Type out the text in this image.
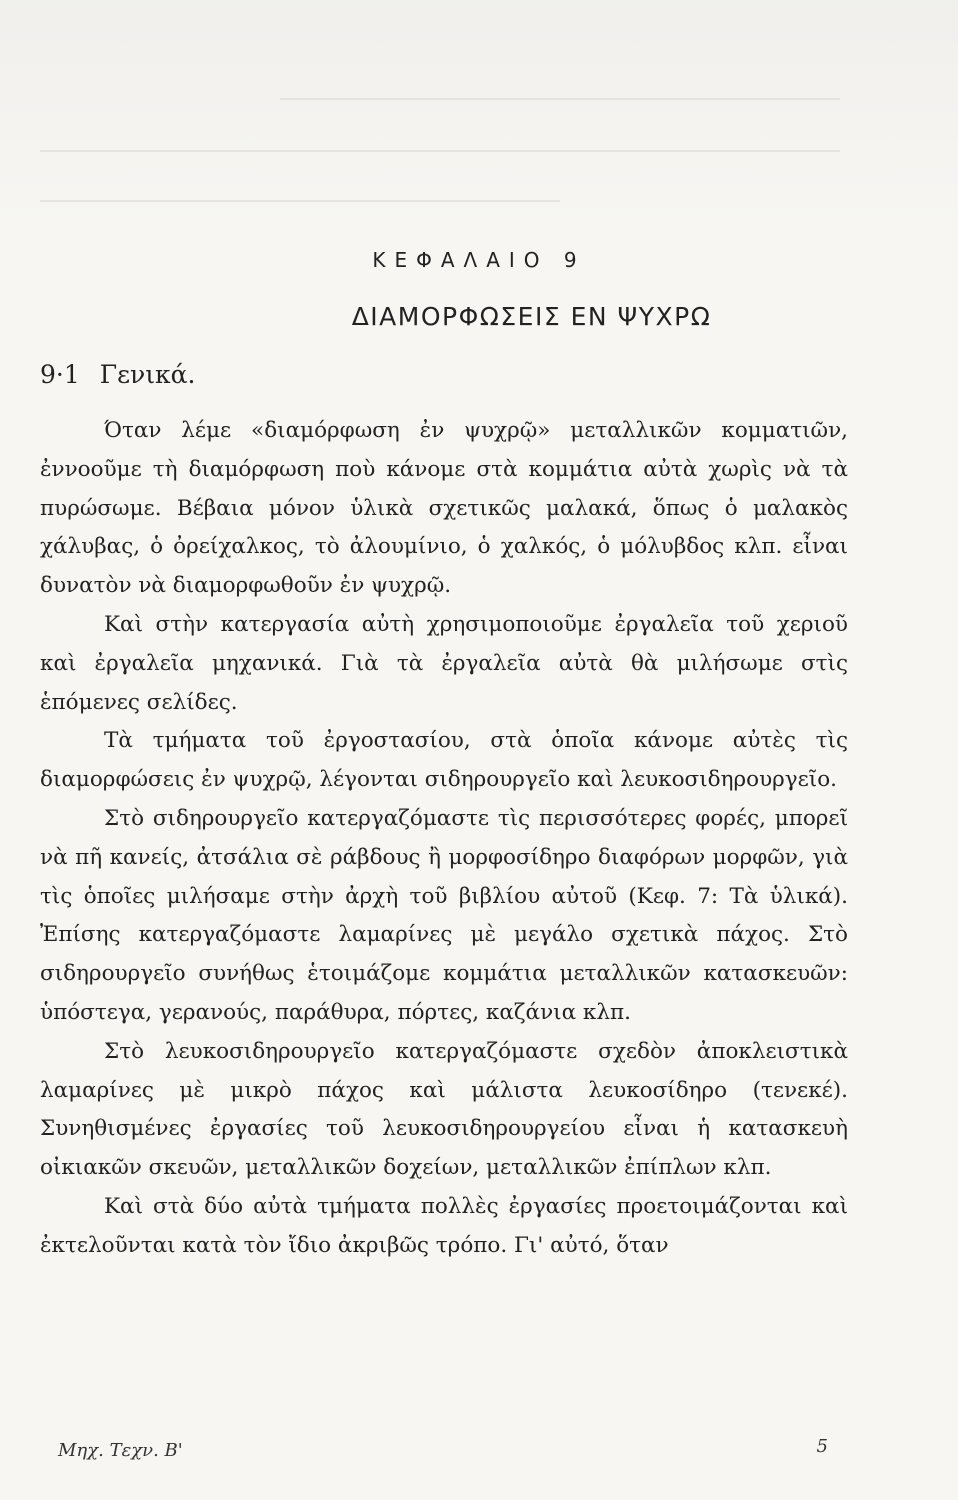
ΚΕΦΑΛΑΙΟ 9
ΔΙΑΜΟΡΦΩΣΕΙΣ ΕΝ ΨΥΧΡΩ
9·1 Γενικά.

Όταν λέμε «διαμόρφωση ἐν ψυχρῷ» μεταλλικῶν κομματιῶν, ἐννοοῦμε τὴ διαμόρφωση ποὺ κάνομε στὰ κομμάτια αὐτὰ χωρὶς νὰ τὰ πυρώσωμε. Βέβαια μόνον ὑλικὰ σχετικῶς μαλακά, ὅπως ὁ μαλακὸς χάλυβας, ὁ ὀρείχαλκος, τὸ ἀλουμίνιο, ὁ χαλκός, ὁ μόλυβδος κλπ. εἶναι δυνατὸν νὰ διαμορφωθοῦν ἐν ψυχρῷ.

Καὶ στὴν κατεργασία αὐτὴ χρησιμοποιοῦμε ἐργαλεῖα τοῦ χεριοῦ καὶ ἐργαλεῖα μηχανικά. Γιὰ τὰ ἐργαλεῖα αὐτὰ θὰ μιλήσωμε στὶς ἑπόμενες σελίδες.

Τὰ τμήματα τοῦ ἐργοστασίου, στὰ ὁποῖα κάνομε αὐτὲς τὶς διαμορφώσεις ἐν ψυχρῷ, λέγονται σιδηρουργεῖο καὶ λευκοσιδηρουργεῖο.

Στὸ σιδηρουργεῖο κατεργαζόμαστε τὶς περισσότερες φορές, μπορεῖ νὰ πῆ κανείς, ἀτσάλια σὲ ράβδους ἢ μορφοσίδηρο διαφόρων μορφῶν, γιὰ τὶς ὁποῖες μιλήσαμε στὴν ἀρχὴ τοῦ βιβλίου αὐτοῦ (Κεφ. 7: Τὰ ὑλικά). Ἐπίσης κατεργαζόμαστε λαμαρίνες μὲ μεγάλο σχετικὰ πάχος. Στὸ σιδηρουργεῖο συνήθως ἑτοιμάζομε κομμάτια μεταλλικῶν κατασκευῶν: ὑπόστεγα, γερανούς, παράθυρα, πόρτες, καζάνια κλπ.

Στὸ λευκοσιδηρουργεῖο κατεργαζόμαστε σχεδὸν ἀποκλειστικὰ λαμαρίνες μὲ μικρὸ πάχος καὶ μάλιστα λευκοσίδηρο (τενεκέ). Συνηθισμένες ἐργασίες τοῦ λευκοσιδηρουργείου εἶναι ἡ κατασκευὴ οἰκιακῶν σκευῶν, μεταλλικῶν δοχείων, μεταλλικῶν ἐπίπλων κλπ.

Καὶ στὰ δύο αὐτὰ τμήματα πολλὲς ἐργασίες προετοιμάζονται καὶ ἐκτελοῦνται κατὰ τὸν ἴδιο ἀκριβῶς τρόπο. Γι' αὐτό, ὅταν

Μηχ. Τεχν. Β'	5
